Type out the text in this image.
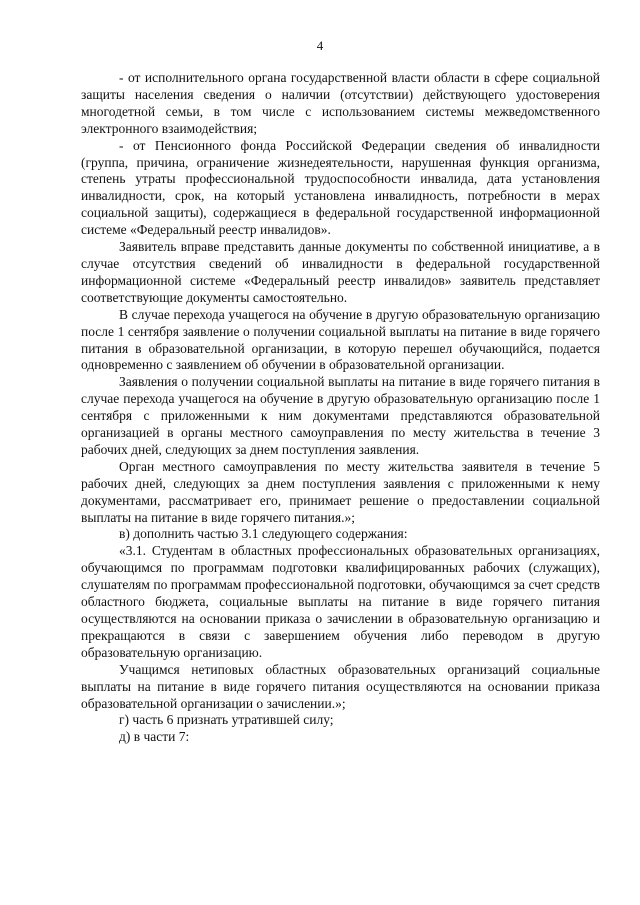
4

- от исполнительного органа государственной власти области в сфере социальной защиты населения сведения о наличии (отсутствии) действующего удостоверения многодетной семьи, в том числе с использованием системы межведомственного электронного взаимодействия;

- от Пенсионного фонда Российской Федерации сведения об инвалидности (группа, причина, ограничение жизнедеятельности, нарушенная функция организма, степень утраты профессиональной трудоспособности инвалида, дата установления инвалидности, срок, на который установлена инвалидность, потребности в мерах социальной защиты), содержащиеся в федеральной государственной информационной системе «Федеральный реестр инвалидов».

Заявитель вправе представить данные документы по собственной инициативе, а в случае отсутствия сведений об инвалидности в федеральной государственной информационной системе «Федеральный реестр инвалидов» заявитель представляет соответствующие документы самостоятельно.

В случае перехода учащегося на обучение в другую образовательную организацию после 1 сентября заявление о получении социальной выплаты на питание в виде горячего питания в образовательной организации, в которую перешел обучающийся, подается одновременно с заявлением об обучении в образовательной организации.

Заявления о получении социальной выплаты на питание в виде горячего питания в случае перехода учащегося на обучение в другую образовательную организацию после 1 сентября с приложенными к ним документами представляются образовательной организацией в органы местного самоуправления по месту жительства в течение 3 рабочих дней, следующих за днем поступления заявления.

Орган местного самоуправления по месту жительства заявителя в течение 5 рабочих дней, следующих за днем поступления заявления с приложенными к нему документами, рассматривает его, принимает решение о предоставлении социальной выплаты на питание в виде горячего питания.»;

в) дополнить частью 3.1 следующего содержания:

«3.1. Студентам в областных профессиональных образовательных организациях, обучающимся по программам подготовки квалифицированных рабочих (служащих), слушателям по программам профессиональной подготовки, обучающимся за счет средств областного бюджета, социальные выплаты на питание в виде горячего питания осуществляются на основании приказа о зачислении в образовательную организацию и прекращаются в связи с завершением обучения либо переводом в другую образовательную организацию.

Учащимся нетиповых областных образовательных организаций социальные выплаты на питание в виде горячего питания осуществляются на основании приказа образовательной организации о зачислении.»;

г) часть 6 признать утратившей силу;

д) в части 7:
